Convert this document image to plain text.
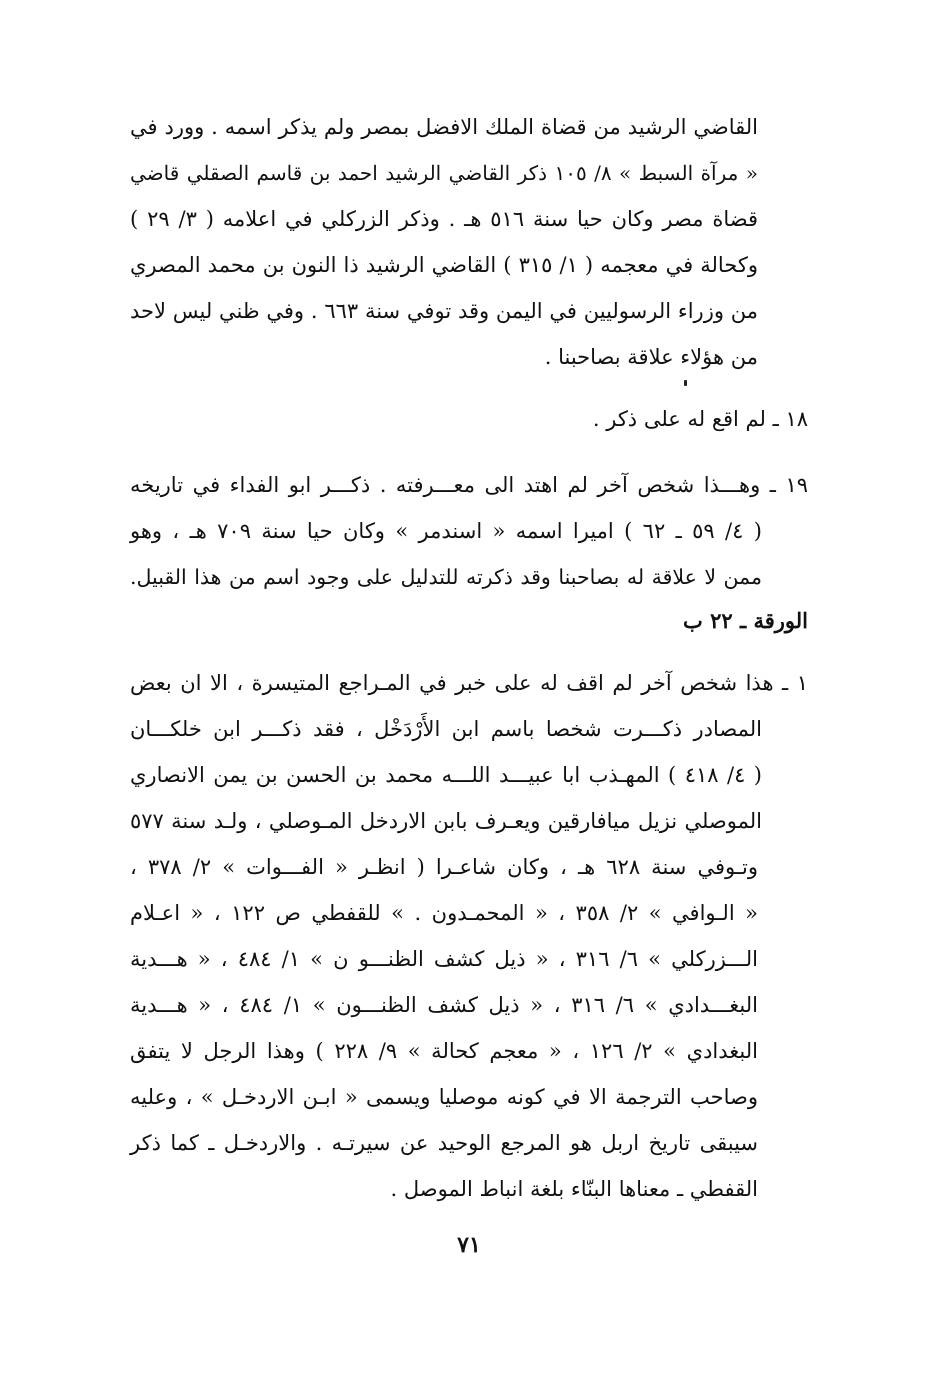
القاضي الرشيد من قضاة الملك الافضل بمصر ولم يذكر اسمه . وورد في
« مرآة السبط » ٨/ ١٠٥ ذكر القاضي الرشيد احمد بن قاسم الصقلي قاضي
قضاة مصر وكان حيا سنة ٥١٦ هـ . وذكر الزركلي في اعلامه ( ٣/ ٢٩ )
وكحالة في معجمه ( ١/ ٣١٥ ) القاضي الرشيد ذا النون بن محمد المصري
من وزراء الرسوليين في اليمن وقد توفي سنة ٦٦٣ . وفي ظني ليس لاحد
من هؤلاء علاقة بصاحبنا .
١٨ ـ لم اقع له على ذكر .
١٩ ـ وهـــذا شخص آخر لم اهتد الى معـــرفته . ذكـــر ابو الفداء في تاريخه
( ٤/ ٥٩ ـ ٦٢ ) اميرا اسمه « اسندمر » وكان حيا سنة ٧٠٩ هـ ، وهو
ممن لا علاقة له بصاحبنا وقد ذكرته للتدليل على وجود اسم من هذا القبيل.
الورقة ـ ٢٢ ب
١ ـ هذا شخص آخر لم اقف له على خبر في المـراجع المتيسرة ، الا ان بعض
المصادر ذكـــرت شخصا باسم ابن الأَرْدَخْل ، فقد ذكـــر ابن خلكـــان
( ٤/ ٤١٨ ) المهـذب ابا عبيـــد اللـــه محمد بن الحسن بن يمن الانصاري
الموصلي نزيل ميافارقين ويعـرف بابن الاردخل المـوصلي ، ولـد سنة ٥٧٧
وتـوفي سنة ٦٢٨ هـ ، وكان شاعـرا ( انظـر « الفـــوات » ٢/ ٣٧٨ ،
« الـوافي » ٢/ ٣٥٨ ، « المحمـدون . » للقفطي ص ١٢٢ ، « اعـلام
الـــزركلي » ٦/ ٣١٦ ، « ذيل كشف الظنـــو ن » ١/ ٤٨٤ ، « هـــدية
البغـــدادي » ٦/ ٣١٦ ، « ذيل كشف الظنـــون » ١/ ٤٨٤ ، « هـــدية
البغدادي » ٢/ ١٢٦ ، « معجم كحالة » ٩/ ٢٢٨ ) وهذا الرجل لا يتفق
وصاحب الترجمة الا في كونه موصليا ويسمى « ابـن الاردخـل » ، وعليه
سيبقى تاريخ اربل هو المرجع الوحيد عن سيرتـه . والاردخـل ـ كما ذكر
القفطي ـ معناها البنّاء بلغة انباط الموصل .
٧١
